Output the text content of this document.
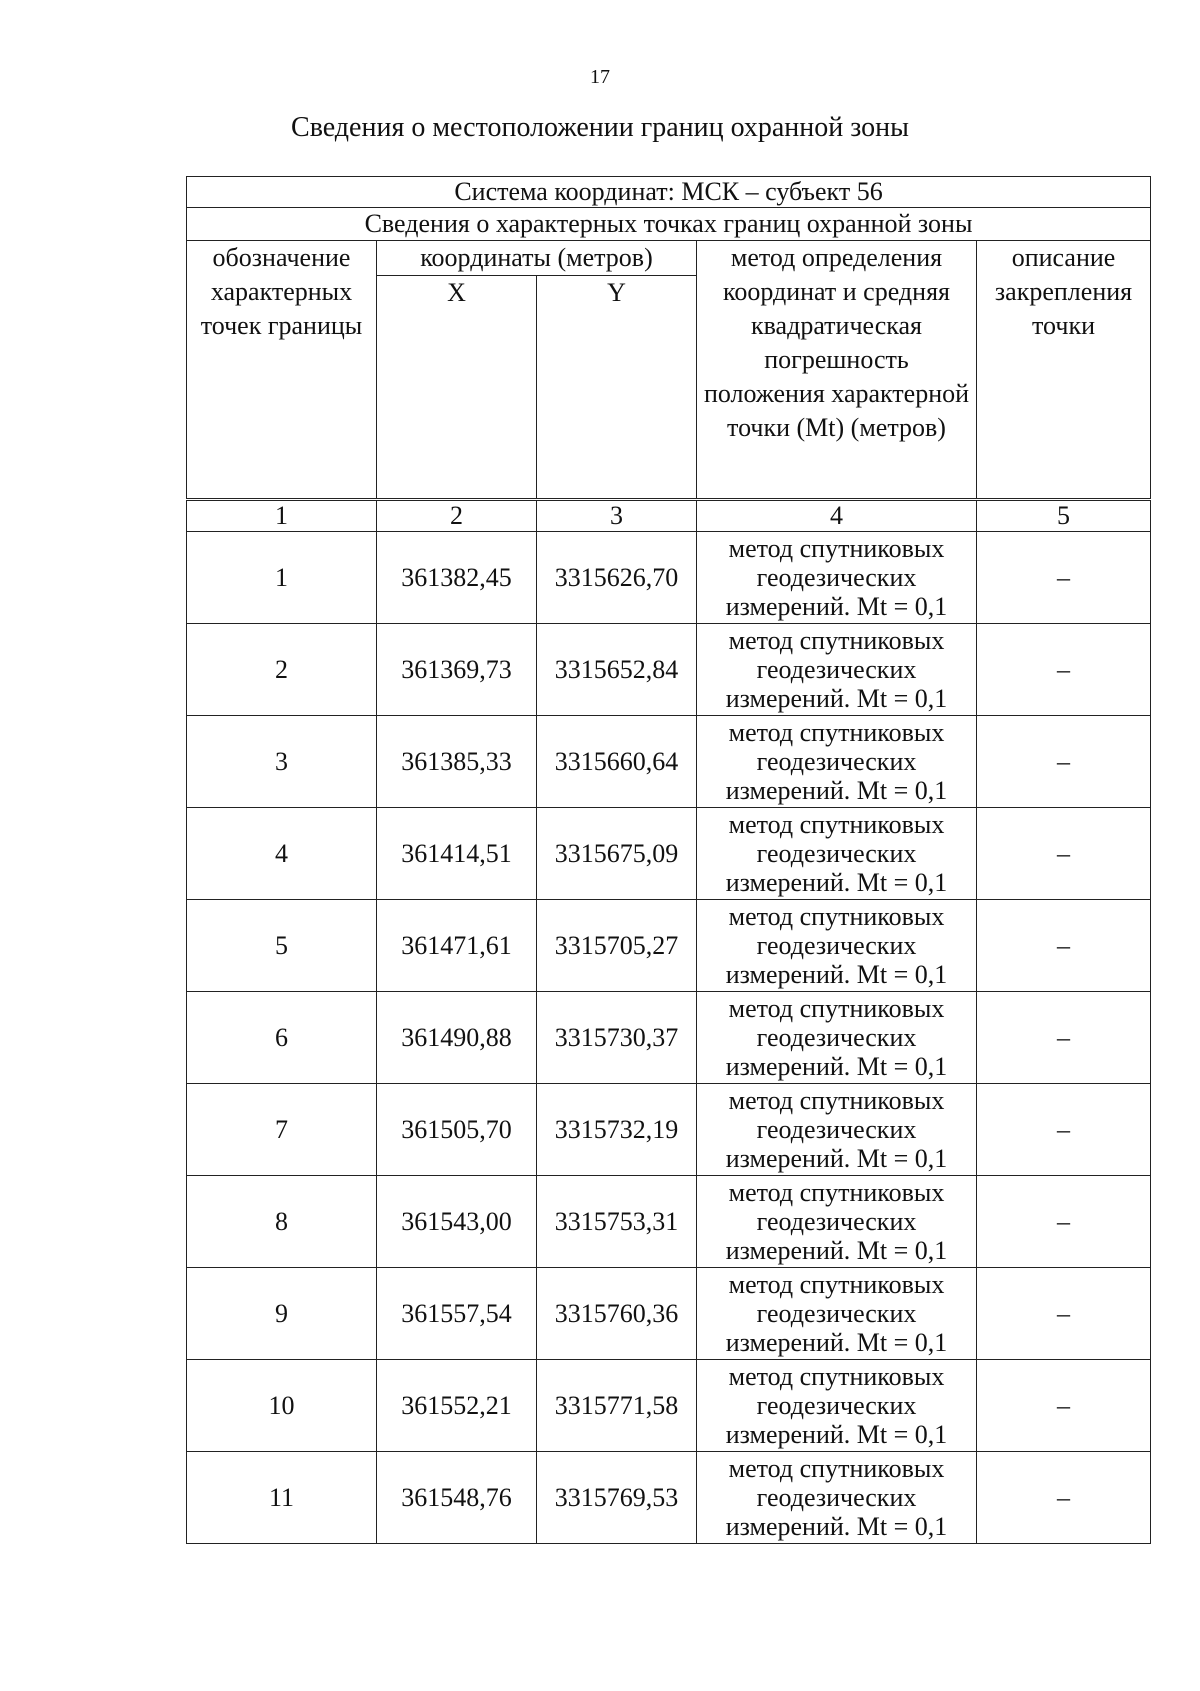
17
Сведения о местоположении границ охранной зоны
Система координат: МСК – субъект 56				
Сведения о характерных точках границ охранной зоны				
обозначение характерных точек границы	координаты (метров)		метод определения координат и средняя квадратическая погрешность положения характерной точки (Mt) (метров)	описание закрепления точки
	X	Y		
1	2	3	4	5
1	361382,45	3315626,70	метод спутниковых геодезических измерений. Mt = 0,1	–
2	361369,73	3315652,84	метод спутниковых геодезических измерений. Mt = 0,1	–
3	361385,33	3315660,64	метод спутниковых геодезических измерений. Mt = 0,1	–
4	361414,51	3315675,09	метод спутниковых геодезических измерений. Mt = 0,1	–
5	361471,61	3315705,27	метод спутниковых геодезических измерений. Mt = 0,1	–
6	361490,88	3315730,37	метод спутниковых геодезических измерений. Mt = 0,1	–
7	361505,70	3315732,19	метод спутниковых геодезических измерений. Mt = 0,1	–
8	361543,00	3315753,31	метод спутниковых геодезических измерений. Mt = 0,1	–
9	361557,54	3315760,36	метод спутниковых геодезических измерений. Mt = 0,1	–
10	361552,21	3315771,58	метод спутниковых геодезических измерений. Mt = 0,1	–
11	361548,76	3315769,53	метод спутниковых геодезических измерений. Mt = 0,1	–
